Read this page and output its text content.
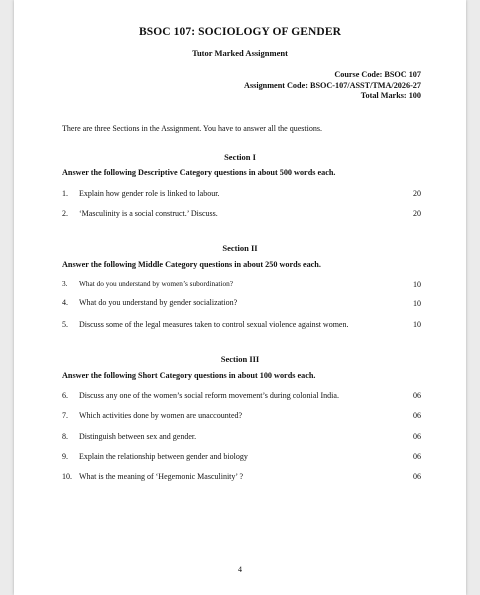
BSOC 107: SOCIOLOGY OF GENDER
Tutor Marked Assignment
Course Code: BSOC 107
Assignment Code: BSOC-107/ASST/TMA/2026-27
Total Marks: 100
There are three Sections in the Assignment. You have to answer all the questions.
Section I
Answer the following Descriptive Category questions in about 500 words each.
1. Explain how gender role is linked to labour.	20
2. ‘Masculinity is a social construct.’ Discuss.	20
Section II
Answer the following Middle Category questions in about 250 words each.
3. What do you understand by women’s subordination?	10
4. What do you understand by gender socialization?	10
5. Discuss some of the legal measures taken to control sexual violence against women.	10
Section III
Answer the following Short Category questions in about 100 words each.
6. Discuss any one of the women’s social reform movement’s during colonial India.	06
7. Which activities done by women are unaccounted?	06
8. Distinguish between sex and gender.	06
9. Explain the relationship between gender and biology	06
10. What is the meaning of ‘Hegemonic Masculinity’ ?	06
4
